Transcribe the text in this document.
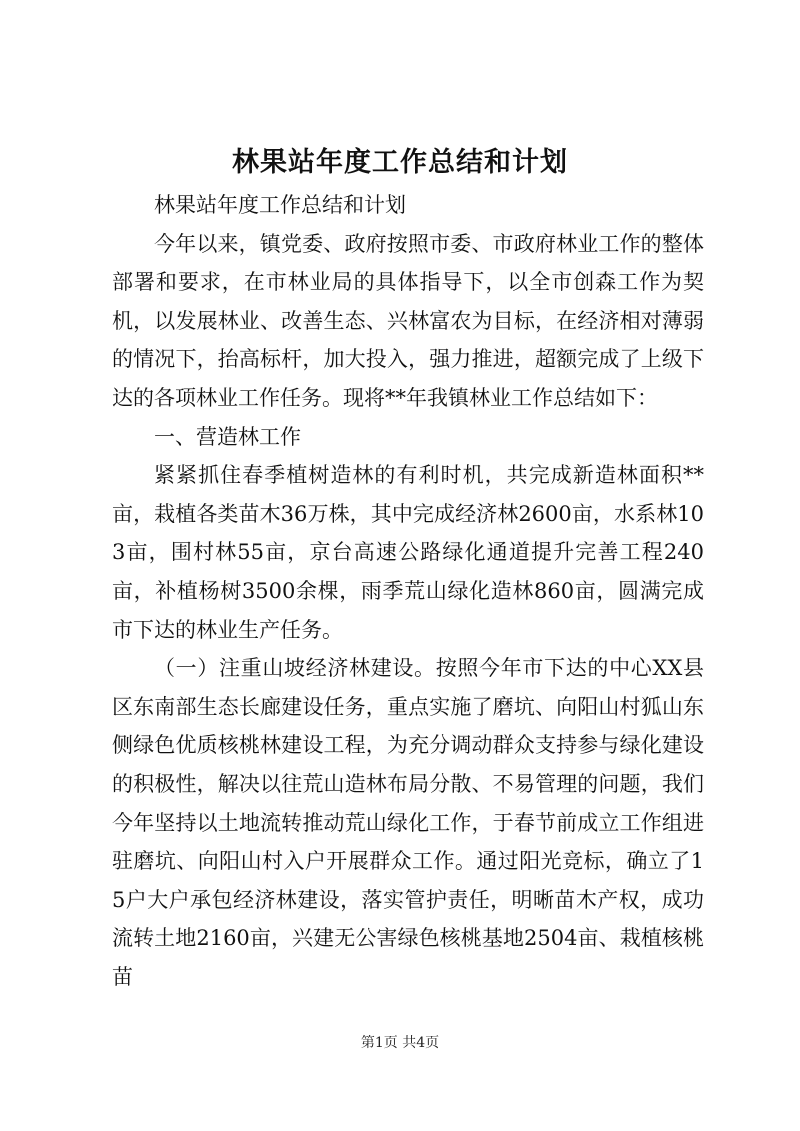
林果站年度工作总结和计划

林果站年度工作总结和计划

今年以来，镇党委、政府按照市委、市政府林业工作的整体部署和要求，在市林业局的具体指导下，以全市创森工作为契机，以发展林业、改善生态、兴林富农为目标，在经济相对薄弱的情况下，抬高标杆，加大投入，强力推进，超额完成了上级下达的各项林业工作任务。现将**年我镇林业工作总结如下：

一、营造林工作

紧紧抓住春季植树造林的有利时机，共完成新造林面积**亩，栽植各类苗木36万株，其中完成经济林2600亩，水系林103亩，围村林55亩，京台高速公路绿化通道提升完善工程240亩，补植杨树3500余棵，雨季荒山绿化造林860亩，圆满完成市下达的林业生产任务。

（一）注重山坡经济林建设。按照今年市下达的中心XX县区东南部生态长廊建设任务，重点实施了磨坑、向阳山村狐山东侧绿色优质核桃林建设工程，为充分调动群众支持参与绿化建设的积极性，解决以往荒山造林布局分散、不易管理的问题，我们今年坚持以土地流转推动荒山绿化工作，于春节前成立工作组进驻磨坑、向阳山村入户开展群众工作。通过阳光竞标，确立了15户大户承包经济林建设，落实管护责任，明晰苗木产权，成功流转土地2160亩，兴建无公害绿色核桃基地2504亩、栽植核桃苗

第1页 共4页
